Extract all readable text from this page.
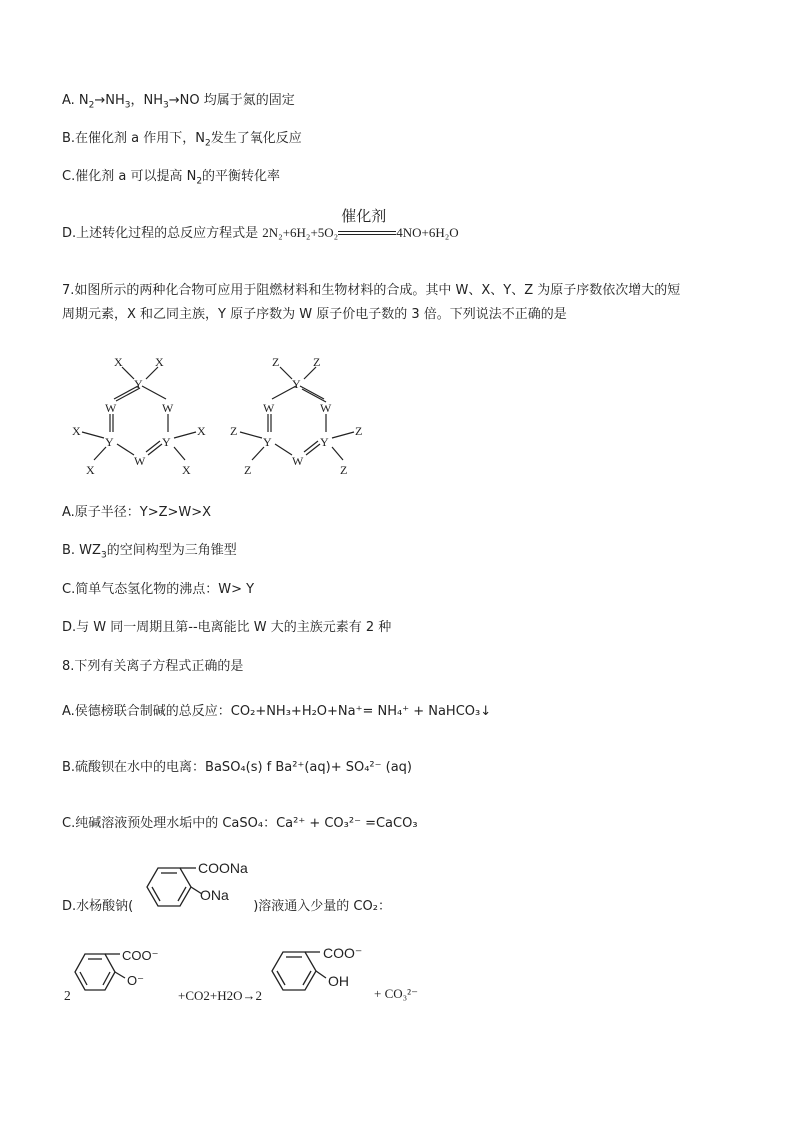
A. $N_2\to NH_3$，$NH_3\to NO$ 均属于氮的固定
B.在催化剂 a 作用下，$N_2$发生了氧化反应
C.催化剂 a 可以提高 $N_2$的平衡转化率
D.上述转化过程的总反应方程式是 2N₂+6H₂+5O₂
催化剂
4NO+6H₂O
7.如图所示的两种化合物可应用于阻燃材料和生物材料的合成。其中 W、X、Y、Z 为原子序数依次增大的短
周期元素，X 和乙同主族，Y 原子序数为 W 原子价电子数的 3 倍。下列说法不正确的是
X	X
Y
W	W
X
Y	Y
X
W
X	X
Z	Z
Y
W	W
Z
Y	Y
Z
W
Z	Z
A.原子半径：Y>Z>W>X
B. $WZ_3$的空间构型为三角锥型
C.简单气态氢化物的沸点：W> Y
D.与 W 同一周期且第--电离能比 W 大的主族元素有 2 种
8.下列有关离子方程式正确的是
A.侯德榜联合制碱的总反应：CO₂+NH₃+H₂O+Na⁺= NH₄⁺ + NaHCO₃↓
B.硫酸钡在水中的电离：BaSO₄(s) f Ba²⁺(aq)+ SO₄²⁻ (aq)
C.纯碱溶液预处理水垢中的 CaSO₄：Ca²⁺ + CO₃²⁻ =CaCO₃
D.水杨酸钠(	)溶液通入少量的 CO₂：
COONa
ONa
2
COO⁻
O⁻
+CO2+H2O→2
COO⁻
OH
+ CO₃²⁻
